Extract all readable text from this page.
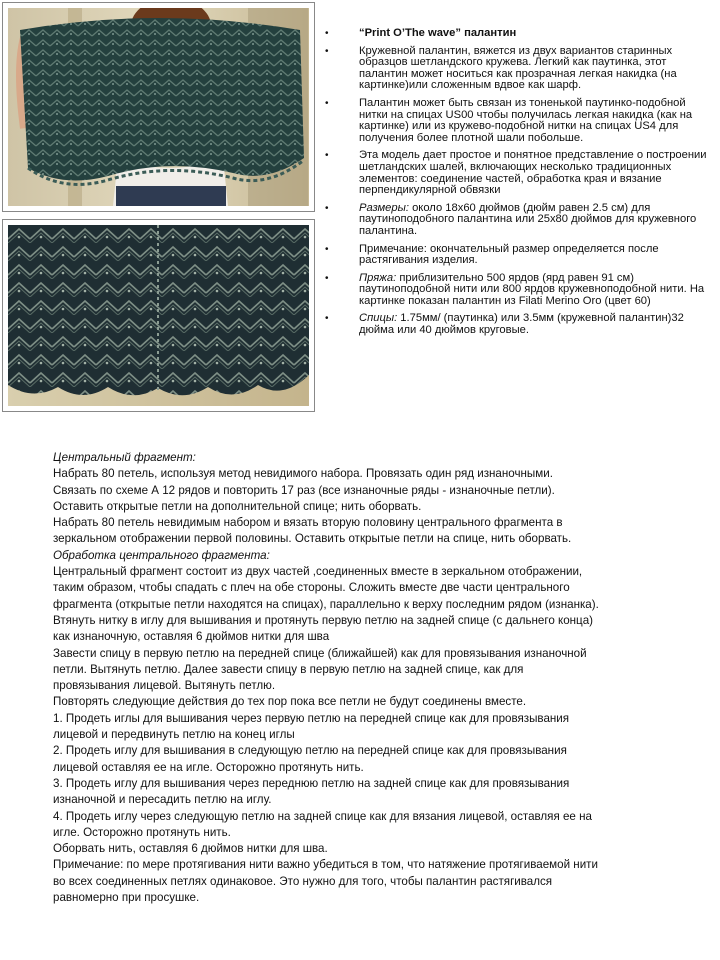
•	“Print O’The wave” палантин
•	Кружевной палантин, вяжется из двух вариантов старинных образцов шетландского кружева. Легкий как паутинка, этот палантин может носиться как прозрачная легкая накидка (на картинке)или сложенным вдвое как шарф.
•	Палантин может быть связан из тоненькой паутинко-подобной нитки на спицах US00 чтобы получилась легкая накидка (как на картинке) или из кружево-подобной нитки на спицах US4 для получения более плотной шали побольше.
•	Эта модель дает простое и понятное представление о построении шетландских шалей, включающих несколько традиционных элементов: соединение частей, обработка края и вязание перпендикулярной обвязки
•	Размеры: около 18х60 дюймов (дюйм равен 2.5 см) для паутиноподобного палантина или 25х80 дюймов для кружевного палантина.
•	Примечание: окончательный размер определяется после растягивания изделия.
•	Пряжа: приблизительно 500 ярдов (ярд равен 91 см) паутиноподобной нити или 800 ярдов кружевноподобной нити. На картинке показан палантин из Filati Merino Oro (цвет 60)
•	Спицы: 1.75мм/ (паутинка) или 3.5мм (кружевной палантин)32 дюйма или 40 дюймов круговые.

Центральный фрагмент:

Набрать 80 петель, используя метод невидимого набора. Провязать один ряд изнаночными.

Связать по схеме А 12 рядов и повторить 17 раз (все изнаночные ряды - изнаночные петли).

Оставить открытые петли на дополнительной спице; нить оборвать.

Набрать 80 петель невидимым набором и вязать вторую половину центрального фрагмента в

зеркальном отображении первой половины. Оставить открытые петли на спице, нить оборвать.

Обработка центрального фрагмента:

Центральный фрагмент состоит из двух частей ,соединенных вместе в зеркальном отображении,

таким образом, чтобы спадать с плеч на обе стороны. Сложить вместе две части центрального

фрагмента (открытые петли находятся на спицах), параллельно к верху последним рядом (изнанка).

Втянуть нитку в иглу для вышивания и протянуть первую петлю на задней спице (с дальнего конца)

как изнаночную, оставляя 6 дюймов нитки для шва

Завести спицу в первую петлю на передней спице (ближайшей) как для провязывания изнаночной

петли. Вытянуть петлю. Далее завести спицу в первую петлю на задней спице, как для

провязывания лицевой. Вытянуть петлю.

Повторять следующие действия до тех пор пока все петли не будут соединены вместе.

1. Продеть иглы для вышивания через первую петлю на передней спице как для провязывания

лицевой и передвинуть петлю на конец иглы

2. Продеть иглу для вышивания в следующую петлю на передней спице как для провязывания

лицевой оставляя ее на игле. Осторожно протянуть нить.

3. Продеть иглу для вышивания через переднюю петлю на задней спице как для провязывания

изнаночной и пересадить петлю на иглу.

4. Продеть иглу через следующую петлю на задней спице как для вязания лицевой, оставляя ее на

игле. Осторожно протянуть нить.

Оборвать нить, оставляя 6 дюймов нитки для шва.

Примечание: по мере протягивания нити важно убедиться в том, что натяжение протягиваемой нити

во всех соединенных петлях одинаковое. Это нужно для того, чтобы палантин растягивался

равномерно при просушке.
